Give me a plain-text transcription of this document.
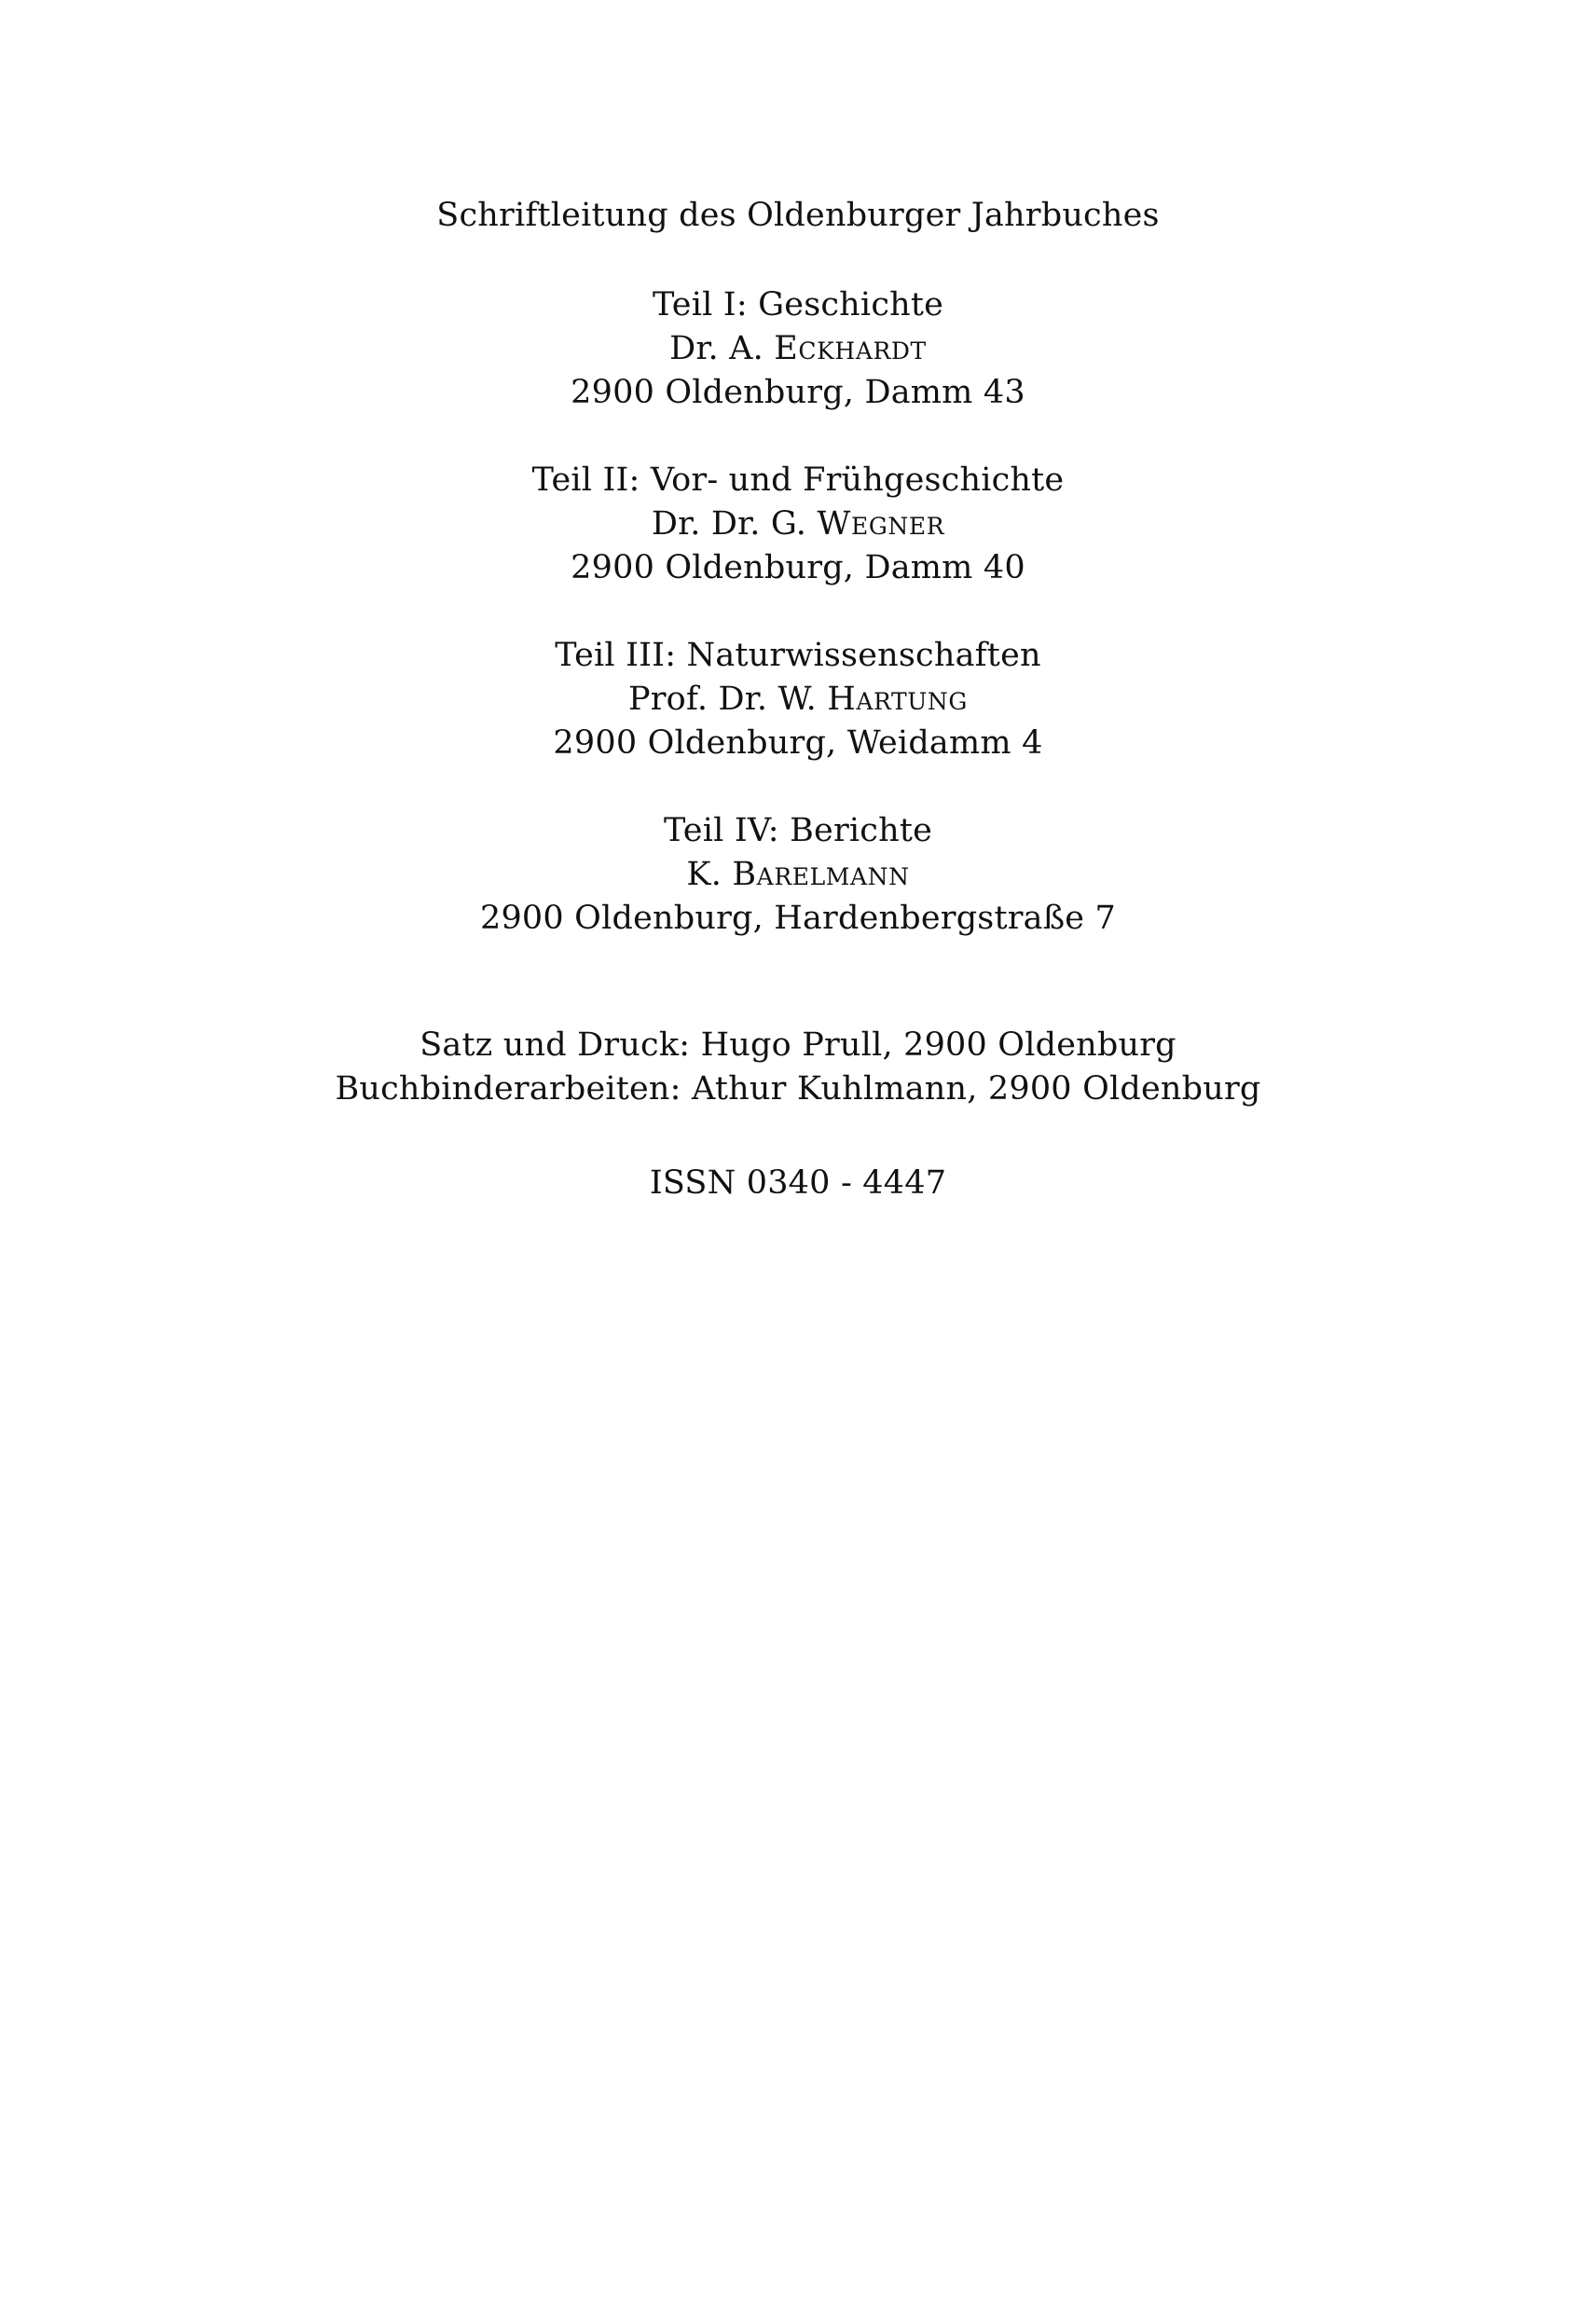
Schriftleitung des Oldenburger Jahrbuches
Teil I: Geschichte
Dr. A. Eckhardt
2900 Oldenburg, Damm 43
Teil II: Vor- und Frühgeschichte
Dr. Dr. G. Wegner
2900 Oldenburg, Damm 40
Teil III: Naturwissenschaften
Prof. Dr. W. Hartung
2900 Oldenburg, Weidamm 4
Teil IV: Berichte
K. Barelmann
2900 Oldenburg, Hardenbergstraße 7
Satz und Druck: Hugo Prull, 2900 Oldenburg
Buchbinderarbeiten: Athur Kuhlmann, 2900 Oldenburg
ISSN 0340 - 4447
